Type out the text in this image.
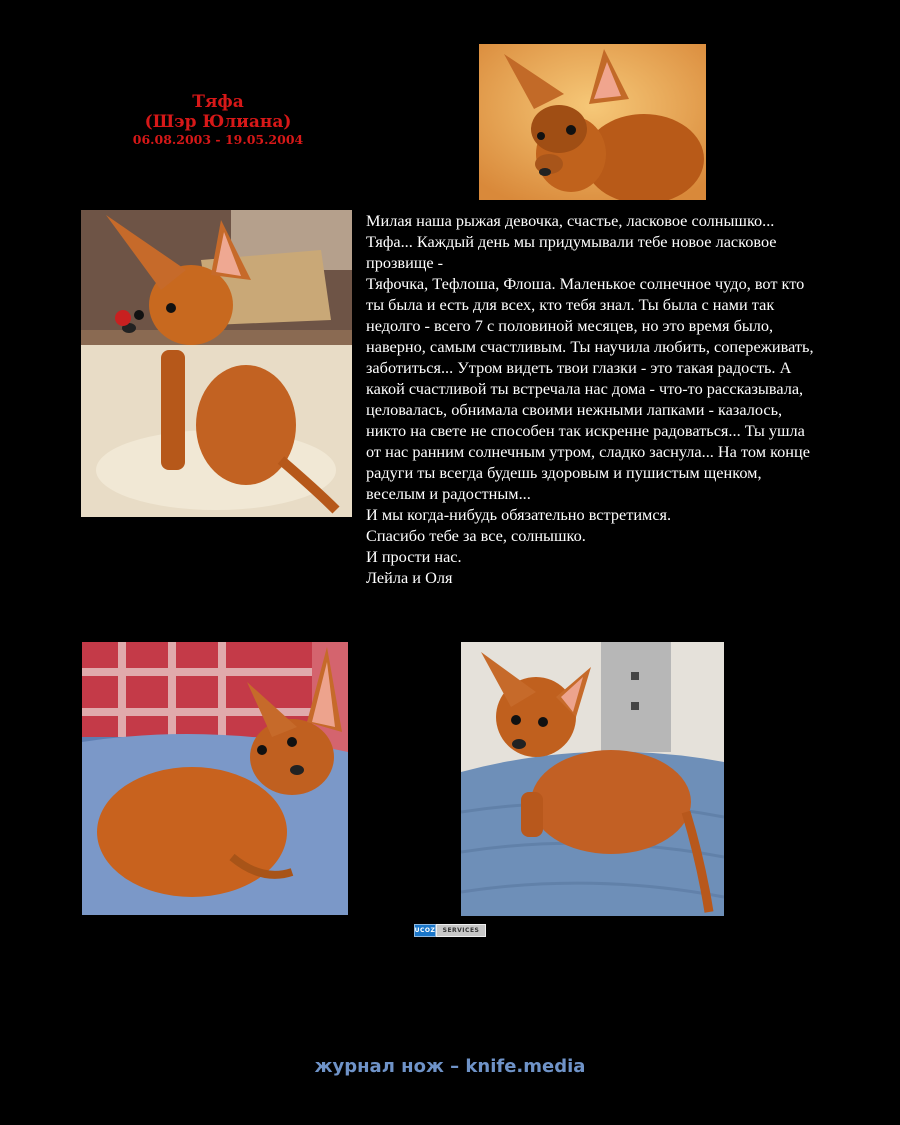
Тяфа
(Шэр Юлиана)
06.08.2003 - 19.05.2004

Милая наша рыжая девочка, счастье, ласковое солнышко...

Тяфа... Каждый день мы придумывали тебе новое ласковое прозвище -

Тяфочка, Тефлоша, Флоша. Маленькое солнечное чудо, вот кто ты была и есть для всех, кто тебя знал. Ты была с нами так недолго - всего 7 с половиной месяцев, но это время было, наверно, самым счастливым. Ты научила любить, сопереживать, заботиться... Утром видеть твои глазки - это такая радость. А какой счастливой ты встречала нас дома - что-то рассказывала, целовалась, обнимала своими нежными лапками - казалось, никто на свете не способен так искренне радоваться... Ты ушла от нас ранним солнечным утром, сладко заснула... На том конце радуги ты всегда будешь здоровым и пушистым щенком, веселым и радостным...

И мы когда-нибудь обязательно встретимся.

Спасибо тебе за все, солнышко.

И прости нас.

Лейла и Оля

UCOZ	SERVICES
журнал нож – knife.media
